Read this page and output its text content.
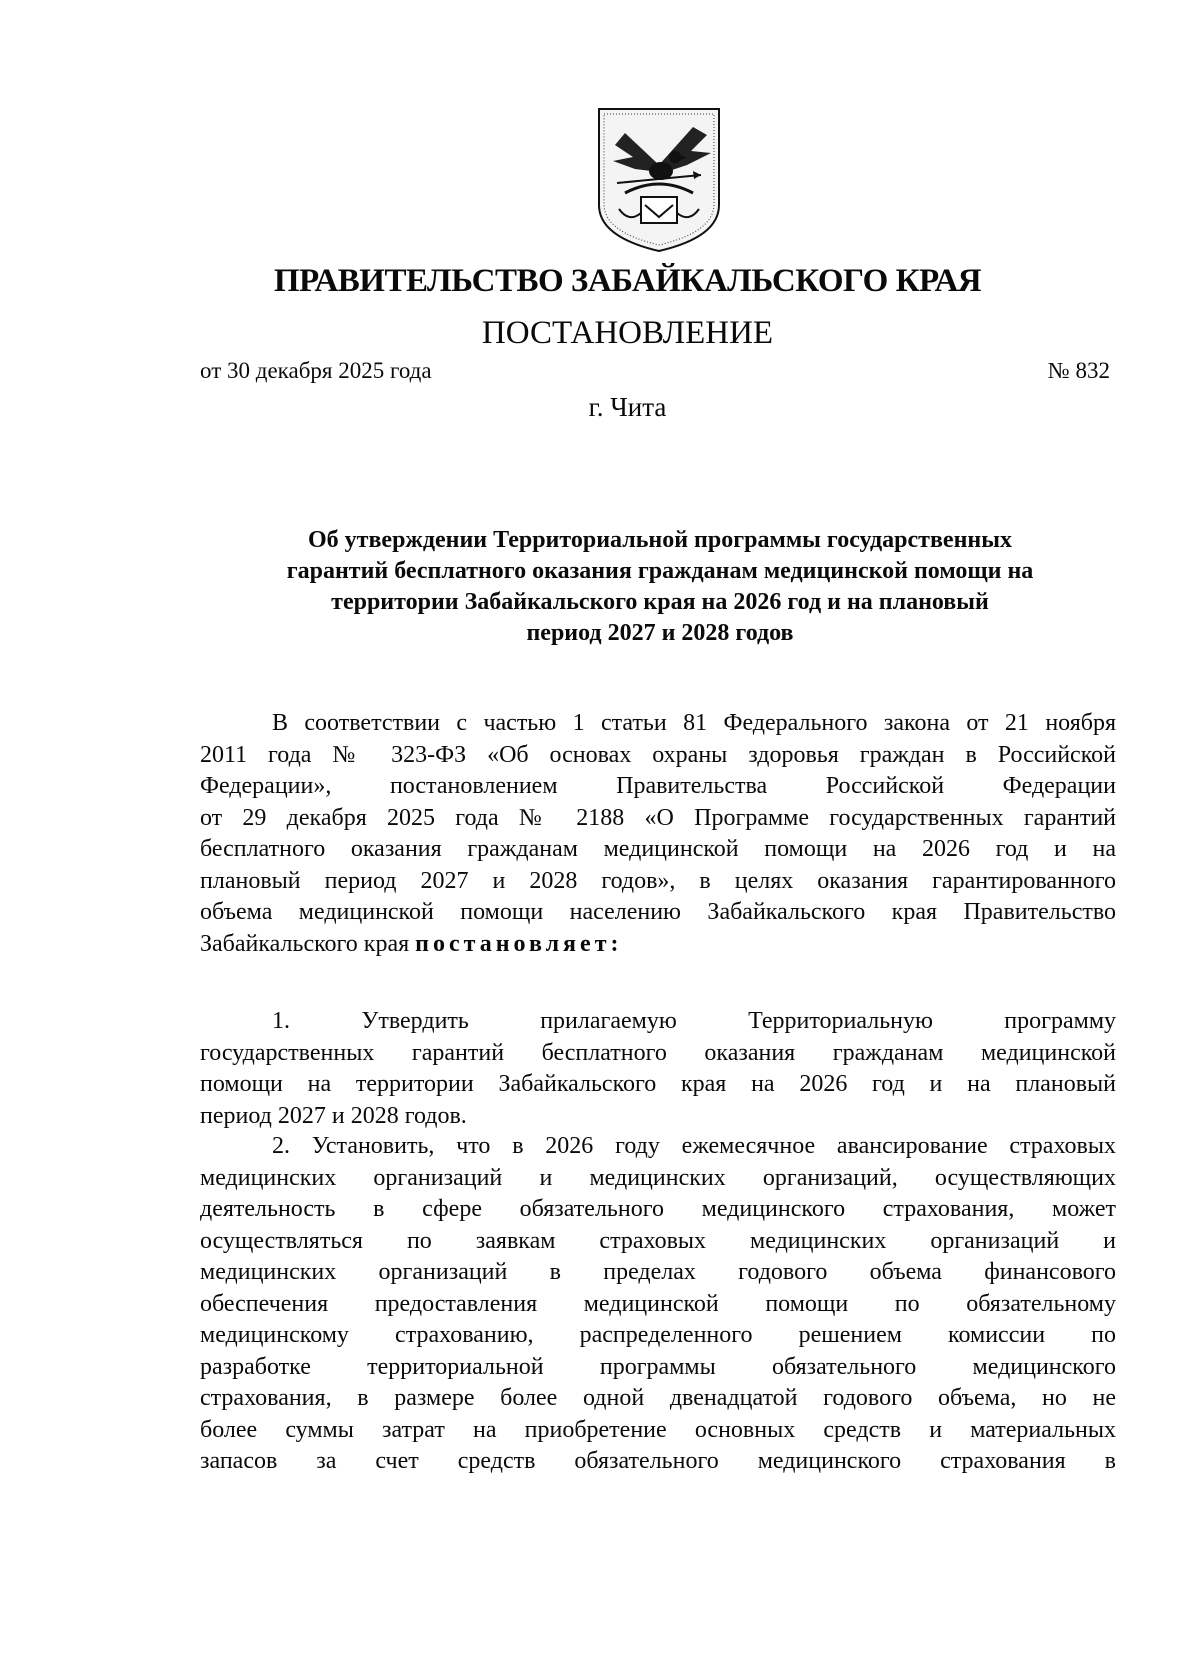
ПРАВИТЕЛЬСТВО ЗАБАЙКАЛЬСКОГО КРАЯ
ПОСТАНОВЛЕНИЕ
от 30 декабря 2025 года	№ 832
г. Чита
Об утверждении Территориальной программы государственных
гарантий бесплатного оказания гражданам медицинской помощи на
территории Забайкальского края на 2026 год и на плановый
период 2027 и 2028 годов
В соответствии с частью 1 статьи 81 Федерального закона от 21 ноября
2011 года № 323-ФЗ «Об основах охраны здоровья граждан в Российской
Федерации», постановлением Правительства Российской Федерации
от 29 декабря 2025 года № 2188 «О Программе государственных гарантий
бесплатного оказания гражданам медицинской помощи на 2026 год и на
плановый период 2027 и 2028 годов», в целях оказания гарантированного
объема медицинской помощи населению Забайкальского края Правительство
Забайкальского края постановляет:
1. Утвердить прилагаемую Территориальную программу
государственных гарантий бесплатного оказания гражданам медицинской
помощи на территории Забайкальского края на 2026 год и на плановый
период 2027 и 2028 годов.
2. Установить, что в 2026 году ежемесячное авансирование страховых
медицинских организаций и медицинских организаций, осуществляющих
деятельность в сфере обязательного медицинского страхования, может
осуществляться по заявкам страховых медицинских организаций и
медицинских организаций в пределах годового объема финансового
обеспечения предоставления медицинской помощи по обязательному
медицинскому страхованию, распределенного решением комиссии по
разработке территориальной программы обязательного медицинского
страхования, в размере более одной двенадцатой годового объема, но не
более суммы затрат на приобретение основных средств и материальных
запасов за счет средств обязательного медицинского страхования в
